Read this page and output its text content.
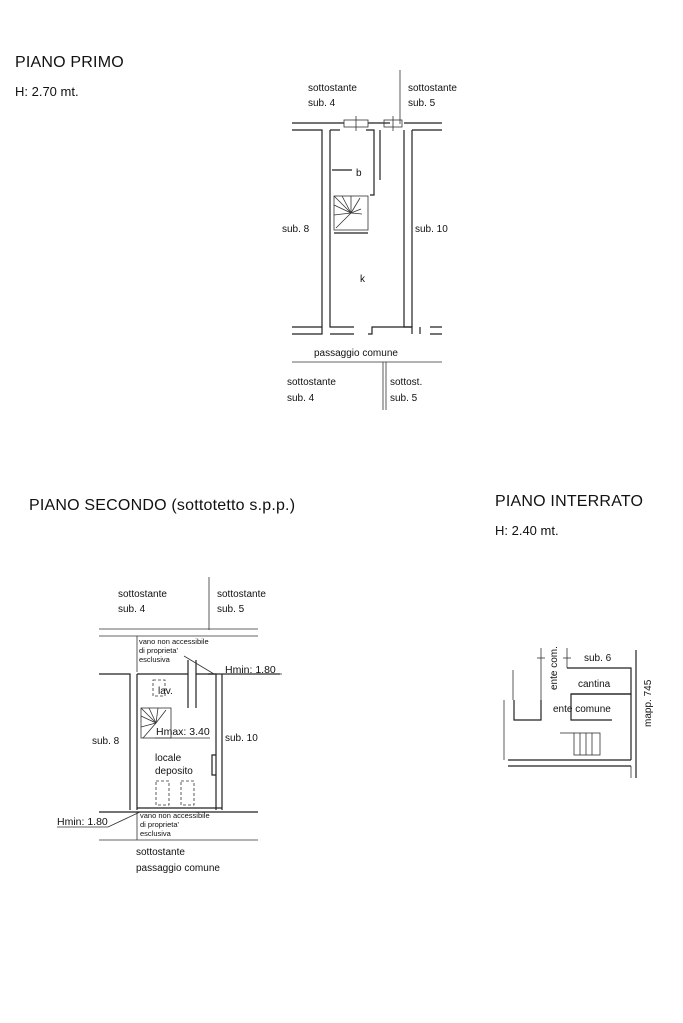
PIANO PRIMO
H: 2.70 mt.
PIANO SECONDO (sottotetto s.p.p.)	PIANO INTERRATO
H: 2.40 mt.
sottostante
sub. 4
sottostante
sub. 5
sub. 8	sub. 10
b
k
passaggio comune
sottostante
sub. 4
sottost.
sub. 5
sottostante
sub. 4
sottostante
sub. 5
vano non accessibile
di proprieta'
esclusiva
Hmin: 1.80
lav.
Hmax: 3.40
sub. 8	sub. 10
locale
deposito
Hmin: 1.80
vano non accessibile
di proprieta'
esclusiva
sottostante
passaggio comune
ente com. sub. 6
cantina
ente comune	mapp. 745
